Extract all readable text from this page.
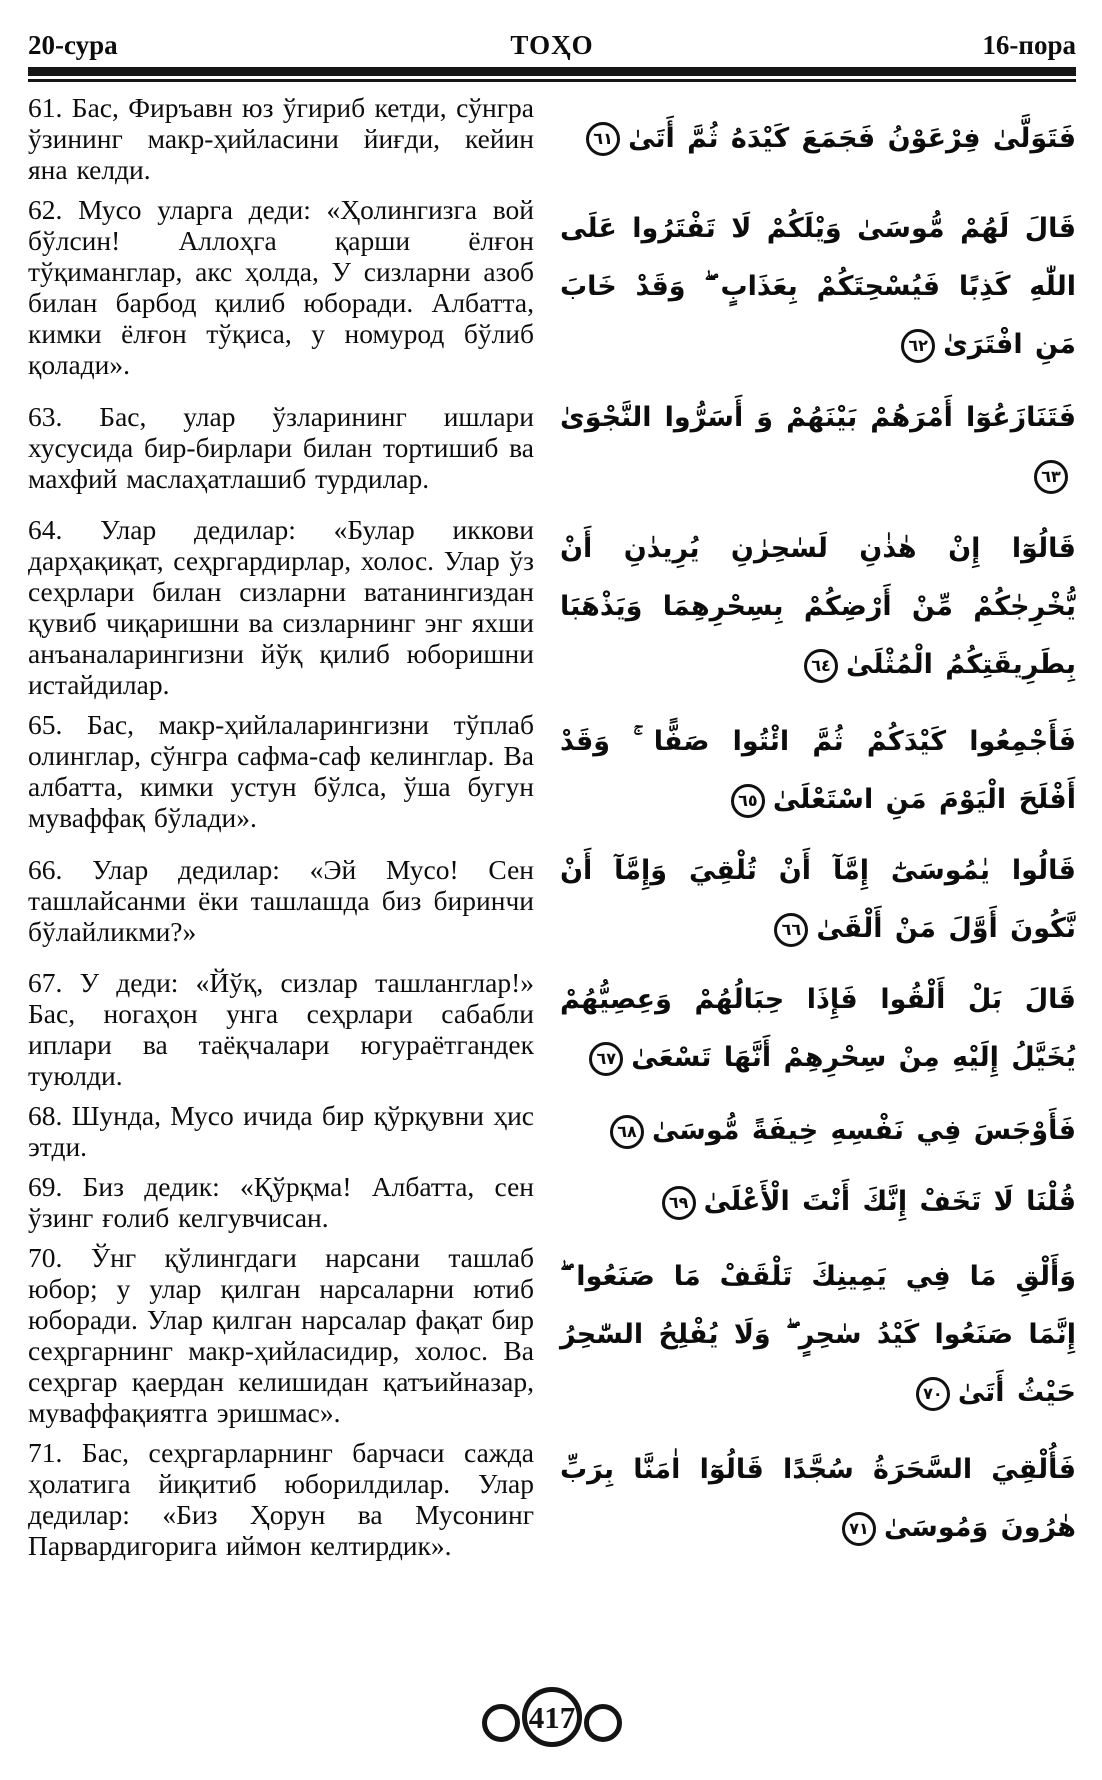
20-сура	ТОҲО	16-пора

61. Бас, Фиръавн юз ўгириб кетди, сўнгра ўзининг макр-ҳийласини йиғди, кейин яна келди.

فَتَوَلَّىٰ فِرْعَوْنُ فَجَمَعَ كَيْدَهُ ثُمَّ أَتَىٰ
٦١

62. Мусо уларга деди: «Ҳолингизга вой бўлсин! Аллоҳга қарши ёлғон тўқиманглар, акс ҳолда, У сизларни азоб билан барбод қилиб юборади. Албатта, кимки ёлғон тўқиса, у номурод бўлиб қолади».

قَالَ لَهُمْ مُّوسَىٰ وَيْلَكُمْ لَا تَفْتَرُوا عَلَى اللّٰهِ كَذِبًا فَيُسْحِتَكُمْ بِعَذَابٍ ۖ وَقَدْ خَابَ مَنِ افْتَرَىٰ
٦٢

63. Бас, улар ўзларининг ишлари хусусида бир-бирлари билан тортишиб ва махфий маслаҳатлашиб турдилар.

فَتَنَازَعُوٓا أَمْرَهُمْ بَيْنَهُمْ وَ أَسَرُّوا النَّجْوَىٰ
٦٣

64. Улар дедилар: «Булар иккови дарҳақиқат, сеҳргардирлар, холос. Улар ўз сеҳрлари билан сизларни ватанингиздан қувиб чиқаришни ва сизларнинг энг яхши анъаналарингизни йўқ қилиб юборишни истайдилар.

قَالُوٓا إِنْ هٰذٰنِ لَسٰحِرٰنِ يُرِيدٰنِ أَنْ يُّخْرِجٰكُمْ مِّنْ أَرْضِكُمْ بِسِحْرِهِمَا وَيَذْهَبَا بِطَرِيقَتِكُمُ الْمُثْلَىٰ
٦٤

65. Бас, макр-ҳийлаларингизни тўплаб олинглар, сўнгра сафма-саф келинглар. Ва албатта, кимки устун бўлса, ўша бугун муваффақ бўлади».

فَأَجْمِعُوا كَيْدَكُمْ ثُمَّ ائْتُوا صَفًّا ۚ وَقَدْ أَفْلَحَ الْيَوْمَ مَنِ اسْتَعْلَىٰ
٦٥

66. Улар дедилар: «Эй Мусо! Сен ташлайсанми ёки ташлашда биз биринчи бўлайликми?»

قَالُوا يٰمُوسَىٰٓ إِمَّآ أَنْ تُلْقِيَ وَإِمَّآ أَنْ نَّكُونَ أَوَّلَ مَنْ أَلْقَىٰ
٦٦

67. У деди: «Йўқ, сизлар ташланглар!» Бас, ногаҳон унга сеҳрлари сабабли иплари ва таёқчалари югураётгандек туюлди.

قَالَ بَلْ أَلْقُوا فَإِذَا حِبَالُهُمْ وَعِصِيُّهُمْ يُخَيَّلُ إِلَيْهِ مِنْ سِحْرِهِمْ أَنَّهَا تَسْعَىٰ
٦٧

68. Шунда, Мусо ичида бир қўрқувни ҳис этди.

فَأَوْجَسَ فِي نَفْسِهِ خِيفَةً مُّوسَىٰ
٦٨

69. Биз дедик: «Қўрқма! Албатта, сен ўзинг ғолиб келгувчисан.

قُلْنَا لَا تَخَفْ إِنَّكَ أَنْتَ الْأَعْلَىٰ
٦٩

70. Ўнг қўлингдаги нарсани ташлаб юбор; у улар қилган нарсаларни ютиб юборади. Улар қилган нарсалар фақат бир сеҳргарнинг макр-ҳийласидир, холос. Ва сеҳргар қаердан келишидан қатъийназар, муваффақиятга эришмас».

وَأَلْقِ مَا فِي يَمِينِكَ تَلْقَفْ مَا صَنَعُوا ۖ إِنَّمَا صَنَعُوا كَيْدُ سٰحِرٍ ۖ وَلَا يُفْلِحُ السّٰحِرُ حَيْثُ أَتَىٰ
٧٠

71. Бас, сеҳргарларнинг барчаси сажда ҳолатига йиқитиб юборилдилар. Улар дедилар: «Биз Ҳорун ва Мусонинг Парвардигорига иймон келтирдик».

فَأُلْقِيَ السَّحَرَةُ سُجَّدًا قَالُوٓا اٰمَنَّا بِرَبِّ هٰرُونَ وَمُوسَىٰ
٧١

417
